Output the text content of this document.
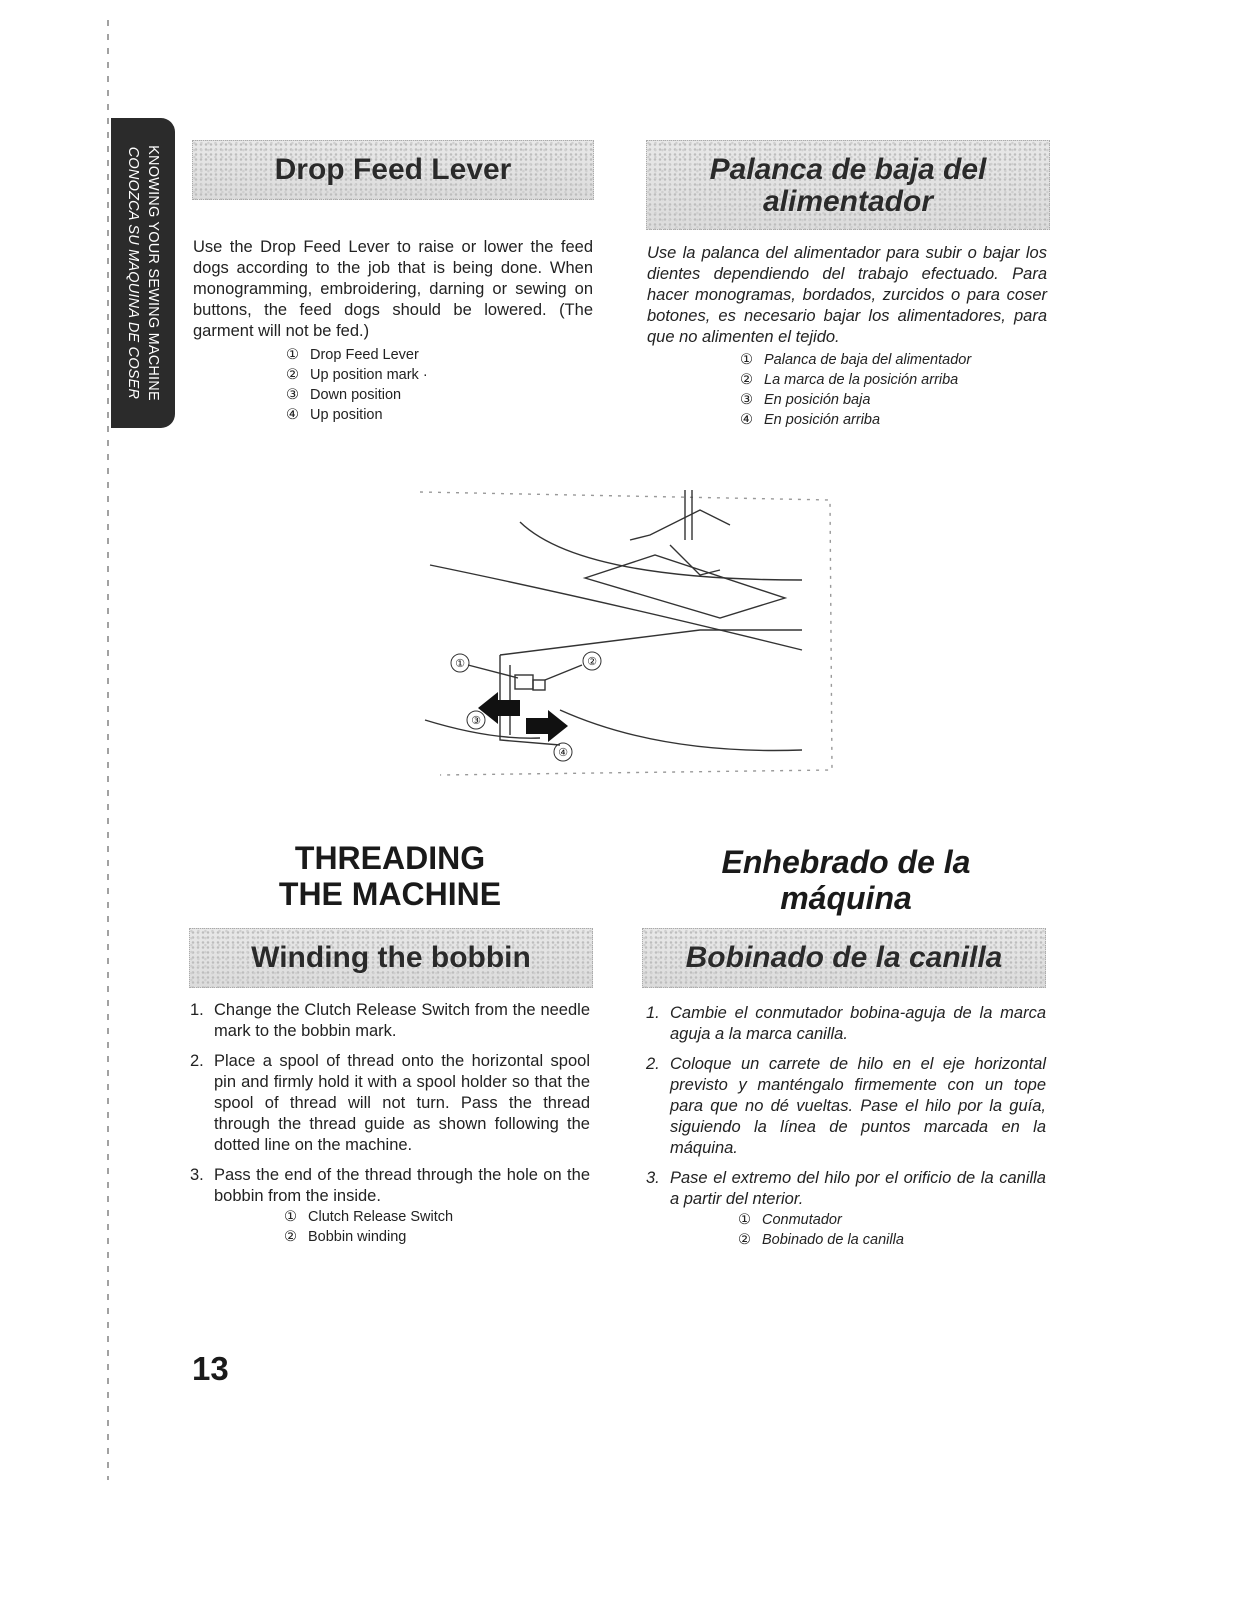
KNOWING YOUR SEWING MACHINE
CONOZCA SU MAQUINA DE COSER	Drop Feed Lever
Use the Drop Feed Lever to raise or lower the feed dogs according to the job that is being done. When monogramming, embroidering, darning or sewing on buttons, the feed dogs should be lowered. (The garment will not be fed.)
① Drop Feed Lever
② Up position mark ·
③ Down position
④ Up position
Palanca de baja del
alimentador
Use la palanca del alimentador para subir o bajar los dientes dependiendo del trabajo efectuado. Para hacer monogramas, bordados, zurcidos o para coser botones, es necesario bajar los alimentadores, para que no alimenten el tejido.
① Palanca de baja del alimentador
② La marca de la posición arriba
③ En posición baja
④ En posición arriba
①	②
③
④
THREADING
THE MACHINE
Enhebrado de la
máquina
Winding the bobbin	Bobinado de la canilla
1. Change the Clutch Release Switch from the needle mark to the bobbin mark.
2. Place a spool of thread onto the horizontal spool pin and firmly hold it with a spool holder so that the spool of thread will not turn. Pass the thread through the thread guide as shown following the dotted line on the machine.
3. Pass the end of the thread through the hole on the bobbin from the inside.
① Clutch Release Switch
② Bobbin winding
1. Cambie el conmutador bobina-aguja de la marca aguja a la marca canilla.
2. Coloque un carrete de hilo en el eje horizontal previsto y manténgalo firmemente con un tope para que no dé vueltas. Pase el hilo por la guía, siguiendo la línea de puntos marcada en la máquina.
3. Pase el extremo del hilo por el orificio de la canilla a partir del nterior.
① Conmutador
② Bobinado de la canilla
13
